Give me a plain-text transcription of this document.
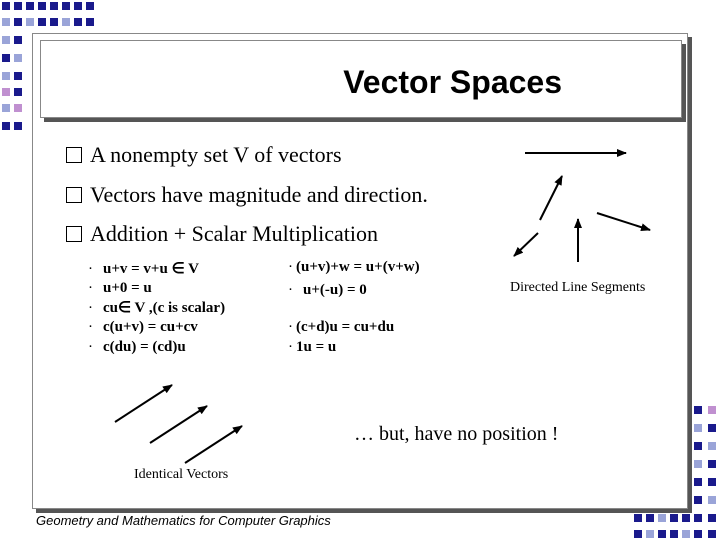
Vector Spaces
A nonempty set V of vectors
Vectors have magnitude and direction.
Addition + Scalar Multiplication
· u+v = v+u ∈ V
· u+0 = u
· cu∈ V ,(c is scalar)
· c(u+v) = cu+cv
· c(du) = (cd)u
· (u+v)+w = u+(v+w)
· u+(-u) = 0
· (c+d)u = cu+du
· 1u = u
Directed Line Segments
… but, have no position !
Identical Vectors
Geometry and Mathematics for Computer Graphics
